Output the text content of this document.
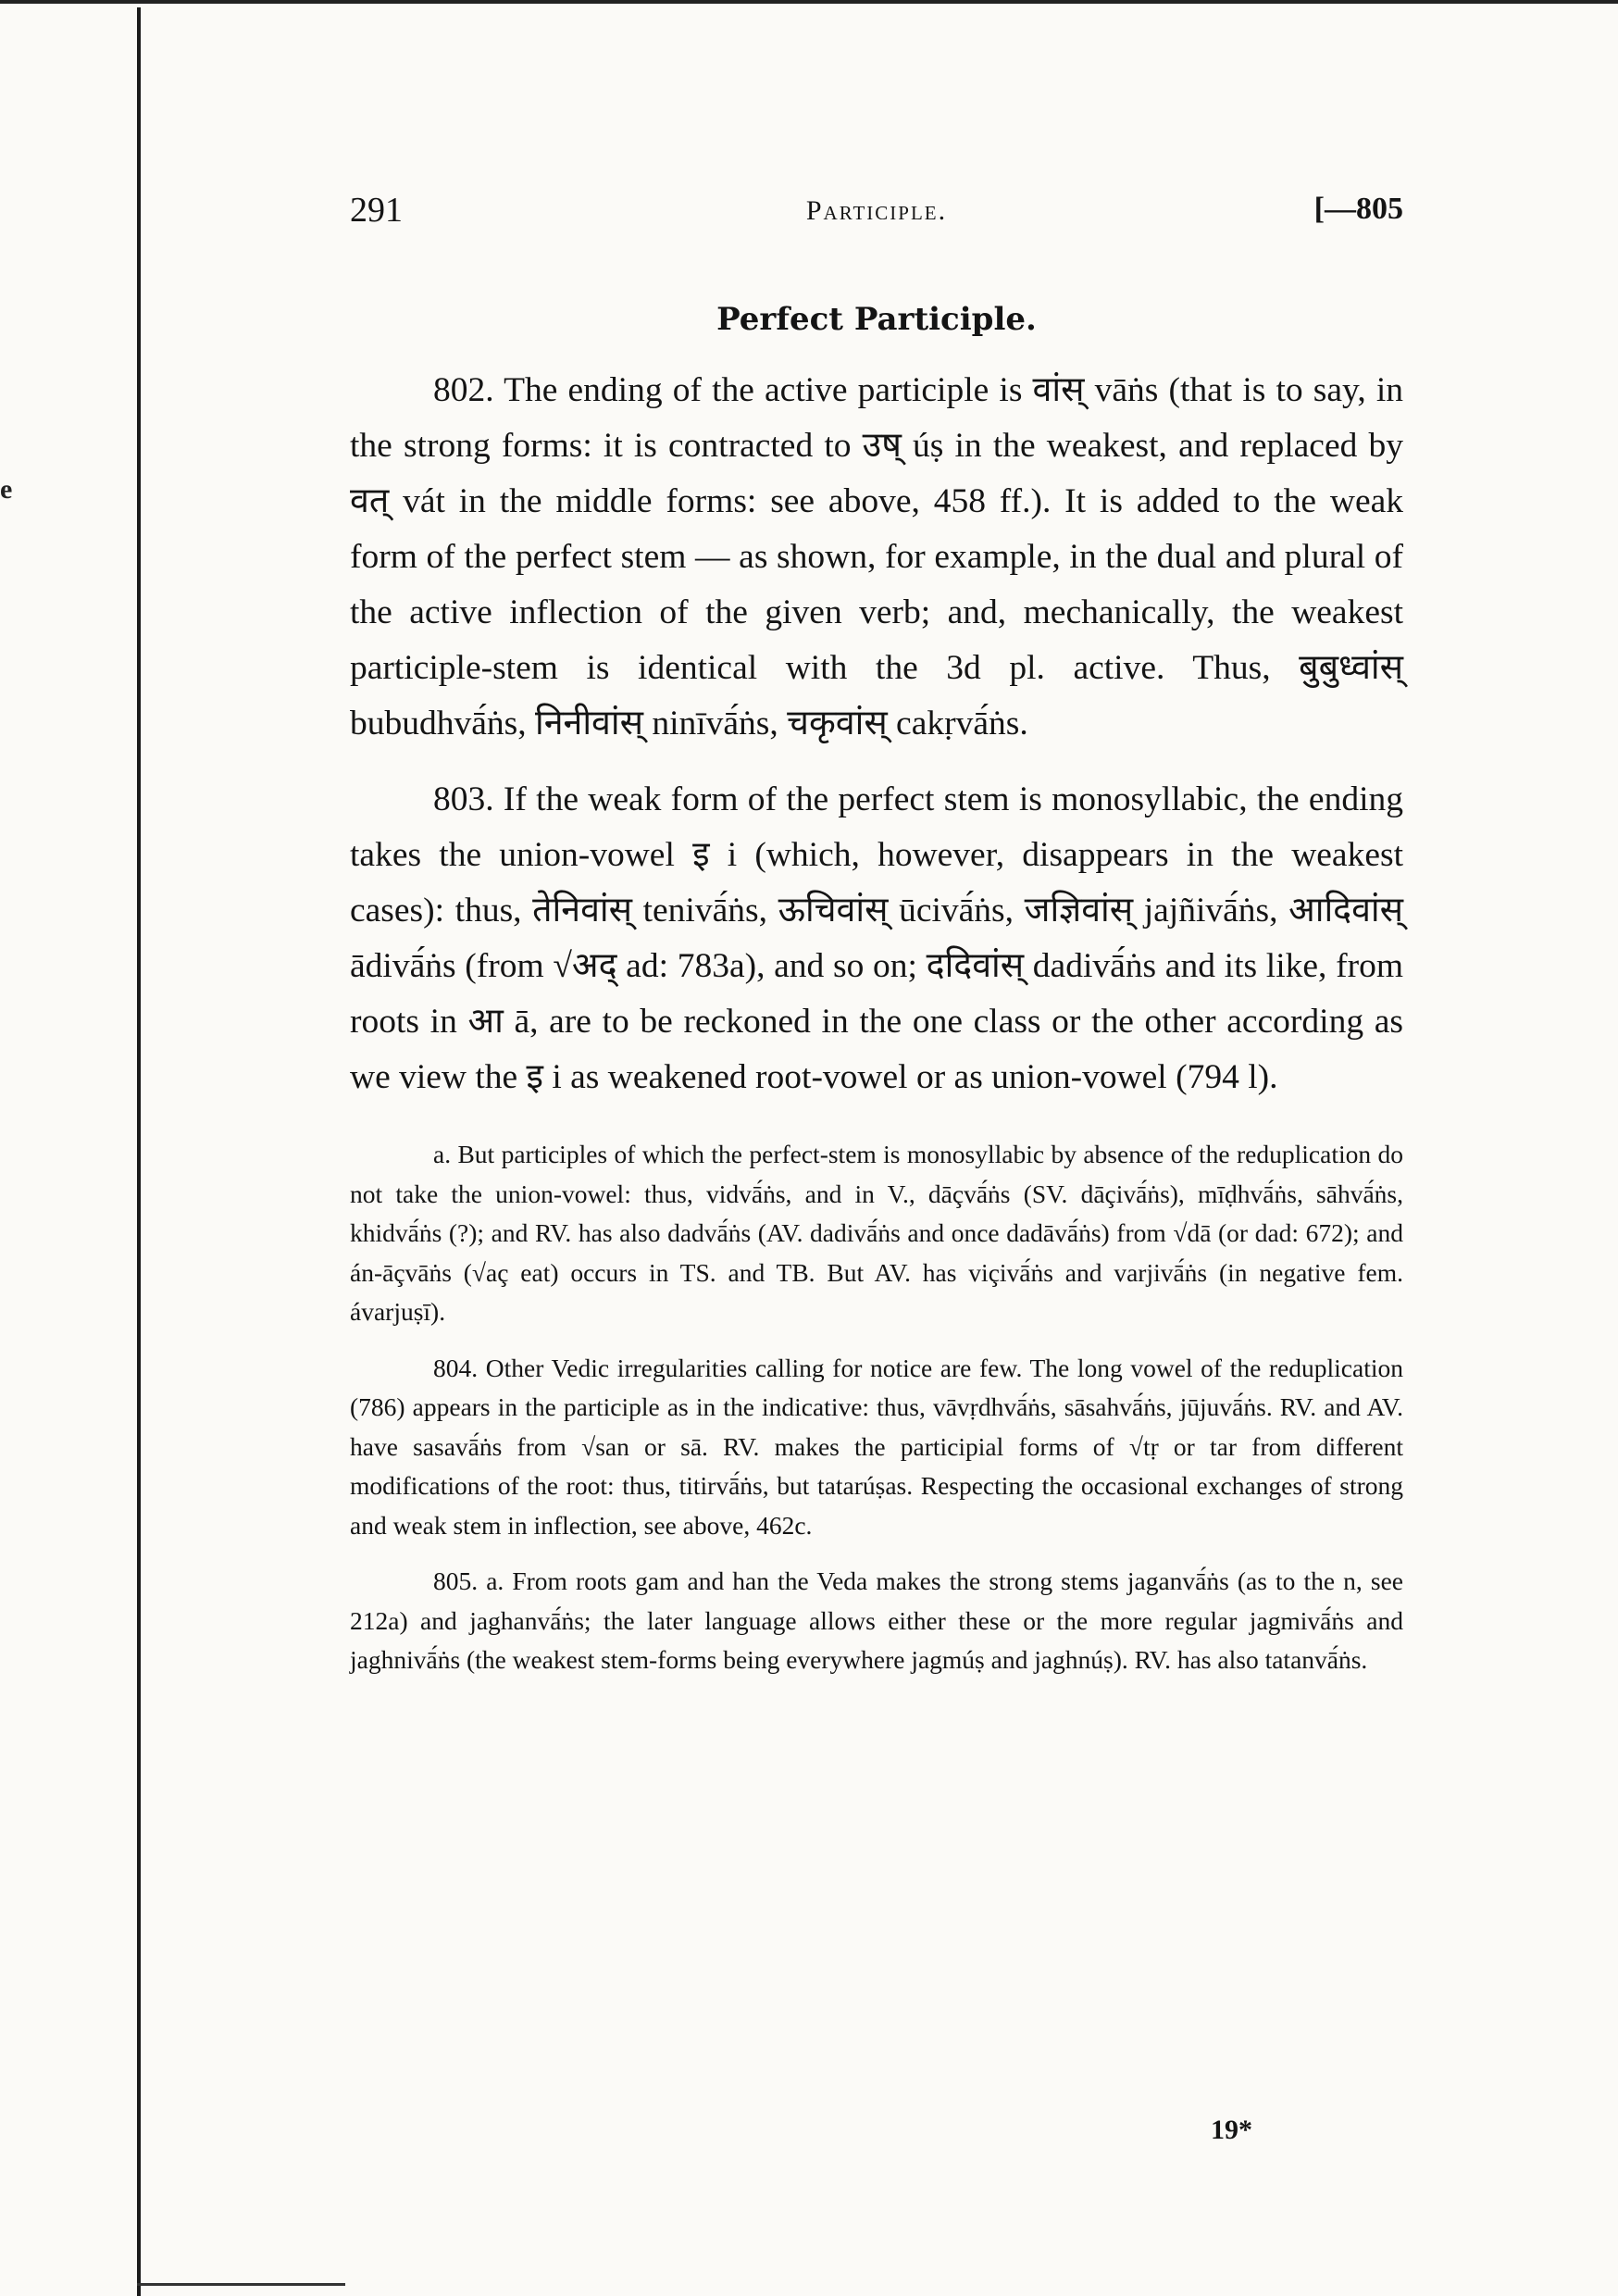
e
291	Participle.	[—805
Perfect Participle.

802. The ending of the active participle is वांस् vāṅs (that is to say, in the strong forms: it is contracted to उष् úṣ in the weakest, and replaced by वत् vát in the middle forms: see above, 458 ff.). It is added to the weak form of the perfect stem — as shown, for example, in the dual and plural of the active inflection of the given verb; and, mechanically, the weakest participle-stem is identical with the 3d pl. active. Thus, बुबुध्वांस् bubudhvā́ṅs, निनीवांस् ninīvā́ṅs, चकृवांस् cakṛvā́ṅs.

803. If the weak form of the perfect stem is monosyllabic, the ending takes the union-vowel इ i (which, however, disappears in the weakest cases): thus, तेनिवांस् tenivā́ṅs, ऊचिवांस् ūcivā́ṅs, जज्ञिवांस् jajñivā́ṅs, आदिवांस् ādivā́ṅs (from √अद् ad: 783a), and so on; ददिवांस् dadivā́ṅs and its like, from roots in आ ā, are to be reckoned in the one class or the other according as we view the इ i as weakened root-vowel or as union-vowel (794 l).

a. But participles of which the perfect-stem is monosyllabic by absence of the reduplication do not take the union-vowel: thus, vidvā́ṅs, and in V., dāçvā́ṅs (SV. dāçivā́ṅs), mīḍhvā́ṅs, sāhvā́ṅs, khidvā́ṅs (?); and RV. has also dadvā́ṅs (AV. dadivā́ṅs and once dadāvā́ṅs) from √dā (or dad: 672); and án-āçvāṅs (√aç eat) occurs in TS. and TB. But AV. has viçivā́ṅs and varjivā́ṅs (in negative fem. ávarjuṣī).

804. Other Vedic irregularities calling for notice are few. The long vowel of the reduplication (786) appears in the participle as in the indicative: thus, vāvṛdhvā́ṅs, sāsahvā́ṅs, jūjuvā́ṅs. RV. and AV. have sasavā́ṅs from √san or sā. RV. makes the participial forms of √tṛ or tar from different modifications of the root: thus, titirvā́ṅs, but tatarúṣas. Respecting the occasional exchanges of strong and weak stem in inflection, see above, 462c.

805. a. From roots gam and han the Veda makes the strong stems jaganvā́ṅs (as to the n, see 212a) and jaghanvā́ṅs; the later language allows either these or the more regular jagmivā́ṅs and jaghnivā́ṅs (the weakest stem-forms being everywhere jagmúṣ and jaghnúṣ). RV. has also tatanvā́ṅs.

19*
